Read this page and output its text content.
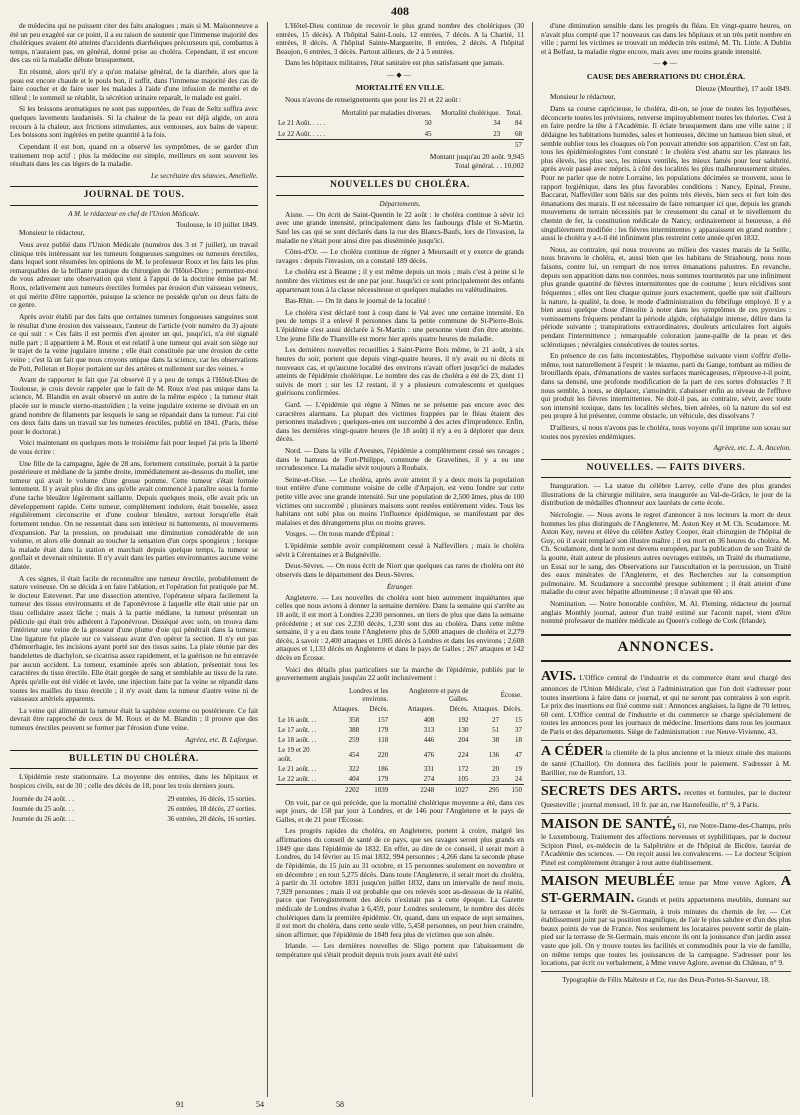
408

de médecins qui ne puissent citer des faits analogues ; mais si M. Maisonneuve a été un peu exagéré sur ce point, il a eu raison de soutenir que l'immense majorité des cholériques avaient été atteints d'accidents diarrhéiques précurseurs qui, combattus à temps, n'auraient pas, en général, donné prise au choléra. Cependant, il est encore des cas où la maladie débute brusquement.

En résumé, alors qu'il n'y a qu'un malaise général, de la diarrhée, alors que la peau est encore chaude et le pouls bon, il suffit, dans l'immense majorité des cas de faire coucher et de faire user les malades à l'aide d'une infusion de menthe et de tilleul ; le sommeil se rétablit, la sécrétion urinaire reparaît, le malade est guéri.

Si les boissons aromatiques ne sont pas supportées, de l'eau de Seltz suffira avec quelques lavements laudanisés. Si la chaleur de la peau est déjà algide, on aura recours à la chaleur, aux frictions stimulantes, aux ventouses, aux bains de vapeur. Les boissons sont ingérées en petite quantité à la fois.

Cependant il est bon, quand on a observé les symptômes, de se garder d'un traitement trop actif ; plus la médecine est simple, meilleurs en sont souvent les résultats dans les cas légers de la maladie.

Le secrétaire des séances, Amelielle.
JOURNAL DE TOUS.
A M. le rédacteur en chef de l'Union Médicale.
Toulouse, le 10 juillet 1849.

Monsieur le rédacteur,

Vous avez publié dans l'Union Médicale (numéros des 3 et 7 juillet), un travail clinique très intéressant sur les tumeurs fongueuses sanguines ou tumeurs érectiles, dans lequel sont résumées les opinions de M. le professeur Roux et les faits les plus remarquables de la brillante pratique du chirurgien de l'Hôtel-Dieu ; permettez-moi de vous adresser une observation qui vient à l'appui de la doctrine émise par M. Roux, relativement aux tumeurs érectiles formées par érosion d'un vaisseau veineux, et qui mérite d'être rapportée, puisque la science ne possède qu'un ou deux faits de ce genre.

Après avoir établi par des faits que certaines tumeurs fongueuses sanguines sont le résultat d'une érosion des vaisseaux, l'auteur de l'article (voir numéro du 3) ajoute ce qui suit : « Ces faits il est permis d'en ajouter un qui, jusqu'ici, n'a été signalé nulle part ; il appartient à M. Roux et est relatif à une tumeur qui avait son siège sur le trajet de la veine jugulaire interne ; elle était constituée par une érosion de cette veine ; c'est là un fait que nous croyons unique dans la science, car les observations de Pott, Pelletan et Boyer portaient sur des artères et nullement sur des veines. »

Avant de rapporter le fait que j'ai observé il y a peu de temps à l'Hôtel-Dieu de Toulouse, je crois devoir rappeler que le fait de M. Roux n'est pas unique dans la science, M. Blandin en avait observé un autre de la même espèce ; la tumeur était placée sur le muscle sterno-mastoïdien ; la veine jugulaire externe se divisait en un grand nombre de filaments par lesquels le sang se répandait dans la tumeur. J'ai cité ces deux faits dans un travail sur les tumeurs érectiles, publié en 1841. (Paris, thèse pour le doctorat.)

Voici maintenant en quelques mots le troisième fait pour lequel j'ai pris la liberté de vous écrire :

Une fille de la campagne, âgée de 28 ans, fortement constituée, portait à la partie postérieure et médiane de la jambe droite, immédiatement au-dessous du mollet, une tumeur qui avait le volume d'une grosse pomme. Cette tumeur s'était formée lentement. Il y avait plus de dix ans qu'elle avait commencé à paraître sous la forme d'une tache bleuâtre légèrement saillante. Depuis quelques mois, elle avait pris un développement rapide. Cette tumeur, complètement indolore, était bosselée, assez régulièrement circonscrite et d'une couleur bleuâtre, surtout lorsqu'elle était fortement tendue. On ne ressentait dans son intérieur ni battements, ni mouvements d'expansion. Par la pression, on produisait une diminution considérable de son volume, et alors elle donnait au toucher la sensation d'un corps spongieux ; lorsque la malade était dans la station et marchait depuis quelque temps, la tumeur se gonflait et devenait rénitente. Il n'y avait dans les parties environnantes aucune veine dilatée.

A ces signes, il était facile de reconnaître une tumeur érectile, probablement de nature veineuse. On se décida à en faire l'ablation, et l'opération fut pratiquée par M. le docteur Estevenet. Par une dissection attentive, l'opérateur sépara facilement la tumeur des tissus environnants et de l'aponévrose à laquelle elle était unie par un tissu cellulaire assez lâche ; mais à la partie médiane, la tumeur présentait un pédicule qui était très adhérent à l'aponévrose. Disséqué avec soin, on trouva dans l'intérieur une veine de la grosseur d'une plume d'oie qui pénétrait dans la tumeur. Une ligature fut placée sur ce vaisseau avant d'en opérer la section. Il n'y eut pas d'hémorrhagie, les incisions ayant porté sur des tissus sains. La plaie réunie par des bandelettes de diachylon, se cicatrisa assez rapidement, et la guérison ne fut entravée par aucun accident. La tumeur, examinée après son ablation, présentait tous les caractères du tissu érectile. Elle était gorgée de sang et semblable au tissu de la rate. Après qu'elle eut été vidée et lavée, une injection faite par la veine se répandit dans toutes les mailles du tissu érectile ; il n'y avait dans la tumeur d'autre veine ni de vaisseaux artériels apparents.

La veine qui alimentait la tumeur était la saphène externe ou postérieure. Ce fait devrait être rapproché de ceux de M. Roux et de M. Blandin ; il prouve que des tumeurs érectiles peuvent se former par l'érosion d'une veine.

Agréez, etc. B. Laforgue.
BULLETIN DU CHOLÉRA.

L'épidémie reste stationnaire. La moyenne des entrées, dans les hôpitaux et hospices civils, est de 30 ; celle des décès de 18, pour les trois derniers jours.

Journée du 24 août. . .	29 entrées, 16 décès, 15 sorties.
Journée du 25 août. . .	26 entrées, 18 décès, 27 sorties.
Journée du 26 août. . .	36 entrées, 20 décès, 16 sorties.
91	54	58

L'Hôtel-Dieu continue de recevoir le plus grand nombre des cholériques (30 entrées, 15 décès). A l'hôpital Saint-Louis, 12 entrées, 7 décès. A la Charité, 11 entrées, 8 décès. A l'hôpital Sainte-Marguerite, 8 entrées, 2 décès. A l'hôpital Beaujon, 6 entrées, 3 décès. Partout ailleurs, de 2 à 5 entrées.

Dans les hôpitaux militaires, l'état sanitaire est plus satisfaisant que jamais.

—◆—
MORTALITÉ EN VILLE.

Nous n'avons de renseignements que pour les 21 et 22 août :

	Mortalité par maladies diverses.	Mortalité cholérique.	Total.
Le 21 Août. . . . .	50	34	84
Le 22 Août. . . . .	45	23	68
			57
Montant jusqu'au 20 août. 9,945
Total général. . . 10,002
NOUVELLES DU CHOLÉRA.
Départements.

Aisne. — On écrit de Saint-Quentin le 22 août : le choléra continue à sévir ici avec une grande intensité, principalement dans les faubourgs d'Isle et St-Martin. Sauf les cas qui se sont déclarés dans la rue des Blancs-Baufs, lors de l'invasion, la maladie ne s'était pour ainsi dire pas disséminée jusqu'ici.

Côtes-d'Or. — Le choléra continue de régner à Meursault et y exerce de grands ravages : depuis l'invasion, on a constaté 189 décès.

Le choléra est à Beaune ; il y est même depuis un mois ; mais c'est à peine si le nombre des victimes est de une par jour. Jusqu'ici ce sont principalement des enfants appartenant tous à la classe nécessiteuse et quelques malades ou valétudinaires.

Bas-Rhin. — On lit dans le journal de la localité :

Le choléra s'est déclaré tout à coup dans le Val avec une certaine intensité. En peu de temps il a enlevé 8 personnes dans la petite commune de St-Pierre-Bois. L'épidémie s'est aussi déclarée à St-Martin : une personne vient d'en être atteinte. Une jeune fille de Thanville est morte hier après quatre heures de maladie.

Les dernières nouvelles recueillies à Saint-Pierre Bois même, le 21 août, à six heures du soir, portent que depuis vingt-quatre heures, il n'y avait eu ni décès ni nouveaux cas, et qu'aucune localité des environs n'avait offert jusqu'ici de malades atteints de l'épidémie cholérique. Le nombre des cas de choléra a été de 23, dont 11 suivis de mort ; sur les 12 restant, il y a plusieurs convalescents et quelques guérisons confirmées.

Gard. — L'épidémie qui règne à Nîmes ne se présente pas encore avec des caractères alarmans. La plupart des victimes frappées par le fléau étaient des personnes maladives ; quelques-unes ont succombé à des actes d'imprudence. Enfin, dans les dernières vingt-quatre heures (le 18 août) il n'y a eu à déplorer que deux décès.

Nord. — Dans la ville d'Avesnes, l'épidémie a complètement cessé ses ravages ; dans le hameau de Fort-Philippe, commune de Gravelines, il y a eu une recrudescence. La maladie sévit toujours à Roubaix.

Seine-et-Oise. — Le choléra, après avoir atteint il y a deux mois la population tout entière d'une commune voisine de celle d'Arpajon, est venu fondre sur cette petite ville avec une grande intensité. Sur une population de 2,500 âmes, plus de 100 victimes ont succombé ; plusieurs maisons sont restées entièrement vides. Tous les habitans ont subi plus ou moins l'influence épidémique, se manifestant par des malaises et des dérangemens plus ou moins graves.

Vosges. — On nous mande d'Épinal :

L'épidémie semble avoir complètement cessé à Naffevillers ; mais le choléra sévit à Cérentaines et à Bulgnéville.

Deux-Sèvres. — On nous écrit de Niort que quelques cas rares de choléra ont été observés dans le département des Deux-Sèvres.

Étranger.

Angleterre. — Les nouvelles du choléra sont bien autrement inquiétantes que celles que nous avions à donner la semaine dernière. Dans la semaine qui s'arrête au 18 août, il est mort à Londres 2,230 personnes, un tiers de plus que dans la semaine précédente ; et sur ces 2,230 décès, 1,230 sont dus au choléra. Dans cette même semaine, il y a eu dans toute l'Angleterre plus de 5,000 attaques de choléra et 2,279 décès, à savoir : 2,400 attaques et 1,005 décès à Londres et dans les environs ; 2,608 attaques et 1,133 décès en Angleterre et dans le pays de Galles ; 267 attaques et 142 décès en Écosse.

Voici des détails plus particuliers sur la marche de l'épidémie, publiés par le gouvernement anglais jusqu'au 22 août inclusivement :

	Londres et les environs.		Angleterre et pays de Galles.		Écosse.	
	Attaques.	Décès.	Attaques.	Décès.	Attaques.	Décès.
Le 16 août. . .	358	157	408	192	27	15
Le 17 août. . .	388	179	313	130	51	37
Le 18 août. . .	259	118	446	204	38	18
Le 19 et 20 août.	454	220	476	224	136	47
Le 21 août. . .	322	186	331	172	20	19
Le 22 août. . .	404	179	274	105	23	24
	2202	1039	2248	1027	295	150

On voit, par ce qui précède, que la mortalité cholérique moyenne a été, dans ces sept jours, de 158 par jour à Londres, et de 146 pour l'Angleterre et le pays de Galles, et de 21 pour l'Écosse.

Les progrès rapides du choléra, en Angleterre, portent à croire, malgré les affirmations du conseil de santé de ce pays, que ses ravages seront plus grands en 1849 que dans l'épidémie de 1832. En effet, au dire de ce conseil, il serait mort à Londres, du 14 février au 15 mai 1832, 994 personnes ; 4,266 dans la seconde phase de l'épidémie, du 15 juin au 31 octobre, et 15 personnes seulement en novembre et en décembre ; en tout 5,275 décès. Dans toute l'Angleterre, il serait mort du choléra, à partir du 31 octobre 1831 jusqu'en juillet 1832, dans un intervalle de neuf mois, 7,929 personnes ; mais il est probable que ces relevés sont au-dessous de la réalité, parce que l'enregistrement des décès n'existait pas à cette époque. La Gazette médicale de Londres évalue à 6,459, pour Londres seulement, le nombre des décès cholériques dans la première épidémie. Or, quand, dans un espace de sept semaines, il est mort du choléra, dans cette seule ville, 5,458 personnes, on peut bien craindre, sinon affirmer, que l'épidémie de 1849 fera plus de victimes que son aînée.

Irlande. — Les dernières nouvelles de Sligo portent que l'abaissement de température qui s'était produit depuis trois jours avait été suivi

d'une diminution sensible dans les progrès du fléau. En vingt-quatre heures, on n'avait plus compté que 17 nouveaux cas dans les hôpitaux et un très petit nombre en ville ; parmi les victimes se trouvait un médecin très estimé, M. Th. Little. A Dublin et à Belfast, la maladie règne encore, mais avec une moins grande intensité.

—◆—
CAUSE DES ABERRATIONS DU CHOLÉRA.
Dieuze (Meurthe), 17 août 1849.

Monsieur le rédacteur,

Dans sa course capricieuse, le choléra, dit-on, se joue de toutes les hypothèses, déconcerte toutes les prévisions, renverse impitoyablement toutes les théories. C'est à en faire perdre la tête à l'Académie. Il éclate brusquement dans une ville saine ; il dédaigne les habitations humides, sales et honteuses, décime un hameau bien situé, et semble oublier tous les cloaques où l'on pouvait attendre son apparition. C'est un fait, tous les épidémiologistes l'ont constaté : le choléra s'est abattu sur les plateaux les plus élevés, les plus secs, les mieux ventilés, les mieux famés pour leur salubrité, après avoir passé avec mépris, à côté des localités les plus malheureusement situées. Pour ne parler que de notre Lorraine, les populations décimées se trouvent, sous le rapport hygiénique, dans les plus favorables conditions : Nancy, Epinal, Fresne, Baccarat, Naffeviller sont bâtis sur des points très élevés, bien secs et fort loin des émanations des marais. Il est nécessaire de faire remarquer ici que, depuis les grands mouvemens de terrain nécessités par le creusement du canal et le nivellement du chemin de fer, la constitution médicale de Nancy, ordinairement si heureuse, a été singulièrement modifiée : les fièvres intermittentes y apparaissent en grand nombre ; aussi le choléra y a-t-il été infiniment plus restreint cette année qu'en 1832.

Nous, au contraire, qui nous trouvons au milieu des vastes marais de la Seille, nous bravons le choléra, et, aussi bien que les habitans de Strasbourg, nous nous faisons, contre lui, un rempart de nos terres émanations palustres. En revanche, depuis son apparition dans nos contrées, nous sommes tourmentés par une infiniment plus grande quantité de fièvres intermittentes que de coutume ; leurs récidives sont fréquentes ; elles ont lieu chaque quinze jours exactement, quelle que soit d'ailleurs la nature, la qualité, la dose, le mode d'administration du fébrifuge employé. Il y a bien aussi quelque chose d'insolite à noter dans les symptômes de ces pyrexies : vomissemens fréquens pendant la période algide, céphalalgie intense, délire dans la période suivante ; transpirations extraordinaires, douleurs articulaires fort aiguës pendant l'intermittence ; remarquable coloration jaune-paille de la peau et des sclérotiques ; névralgies consécutives de toutes sortes.

En présence de ces faits incontestables, l'hypothèse suivante vient s'offrir d'elle-même, tout naturellement à l'esprit : le miasme, parti du Gange, tombant au milieu de brouillards épais, d'émanations de vastes surfaces marécageuses, n'éprouve-t-il point, dans sa densité, une profonde modification de la part de ces sortes d'obstacles ? Il nous semble, à nous, se déplacer, s'amoindrir, s'abaisser enfin au niveau de l'effluve qui produit les fièvres intermittentes. Ne doit-il pas, au contraire, sévir, avec toute son intensité toxique, dans les localités sèches, bien aérées, où la nature du sol est peu propre à lui présenter, comme obstacle, un véhicule, des dissolvans ?

D'ailleurs, si nous n'avons pas le choléra, nous voyons qu'il imprime son sceau sur toutes nos pyrexies endémiques.

Agréez, etc. L. A. Ancelon.
NOUVELLES. — FAITS DIVERS.

Inauguration. — La statue du célèbre Larrey, celle d'une des plus grandes illustrations de la chirurgie militaire, sera inaugurée au Val-de-Grâce, le jour de la distribution de médailles d'honneur aux lauréats de cette école.

Nécrologie. — Nous avons le regret d'annoncer à nos lecteurs la mort de deux hommes les plus distingués de l'Angleterre, M. Aston Key et M. Ch. Scudamore. M. Aston Key, neveu et élève du célèbre Astley Cooper, était chirurgien de l'hôpital de Guy, où il avait remplacé son illustre maître ; il est mort en 36 heures du choléra. M. Ch. Scudamore, dont le nom est devenu européen, par la publication de son Traité de la goutte, était auteur de plusieurs autres ouvrages estimés, un Traité du rhumatisme, un Essai sur le sang, des Observations sur l'auscultation et la percussion, un Traité des eaux minérales de l'Angleterre, et des Recherches sur la consomption pulmonaire. M. Scudamore a succombé presque subitement ; il était atteint d'une maladie du cœur avec hépatite albumineuse ; il n'avait que 60 ans.

Nomination. — Notre honorable confrère, M. Al. Fleming, rédacteur du journal anglais Monthly journal, auteur d'un traité estimé sur l'aconit napel, vient d'être nommé professeur de matière médicale au Queen's college de Cork (Irlande).

ANNONCES.
AVIS. L'Office central de l'industrie et du commerce étant seul chargé des annonces de l'Union Médicale, c'est à l'administration que l'on doit s'adresser pour toutes insertions à faire dans ce journal, et qui ne seront pas contraires à son esprit. Le prix des insertions est fixé comme suit : Annonces anglaises, la ligne de 70 lettres, 60 cent. L'Office central de l'industrie et du commerce se charge spécialement de toutes les annonces pour les journaux de médecine. Insertions dans tous les journaux de Paris et des départements. Siège de l'administration : rue Neuve-Vivienne, 43.
A CÉDER la clientèle de la plus ancienne et la mieux située des maisons de santé (Chaillot). On donnera des facilités pour le paiement. S'adresser à M. Barillier, rue de Rumfort, 13.
SECRETS DES ARTS. recettes et formules, par le docteur Quesneville ; journal mensuel, 10 fr. par an, rue Hautefeuille, n° 9, à Paris.
MAISON DE SANTÉ, 61, rue Notre-Dame-des-Champs, près le Luxembourg. Traitement des affections nerveuses et syphilitiques, par le docteur Scipion Pinel, ex-médecin de la Salpêtrière et de l'hôpital de Bicêtre, lauréat de l'Académie des sciences. — On reçoit aussi les convalescens. — Le docteur Scipion Pinel est complètement étranger à tout autre établissement.
MAISON MEUBLÉE tenue par Mme veuve Aglore, A ST-GERMAIN. Grands et petits appartemens meublés, donnant sur la terrasse et la forêt de St-Germain, à trois minutes du chemin de fer. — Cet établissement joint par sa position magnifique, de l'air le plus salubre et d'un des plus beaux points de vue de France. Nos seulement les locataires peuvent sortir de plain-pied sur la terrasse de St-Germain, mais encore ils ont la jouissance d'un jardin assez vaste que joli. On y trouve toutes les facilités et commodités pour la vie de famille, on même temps que toutes les jouissances de la campagne. S'adresser pour les locations, par écrit ou verbalement, à Mme veuve Aglore, avenue du Château, n° 9.
Typographie de Félix Malteste et Ce, rue des Deux-Portes-St-Sauveur, 18.
